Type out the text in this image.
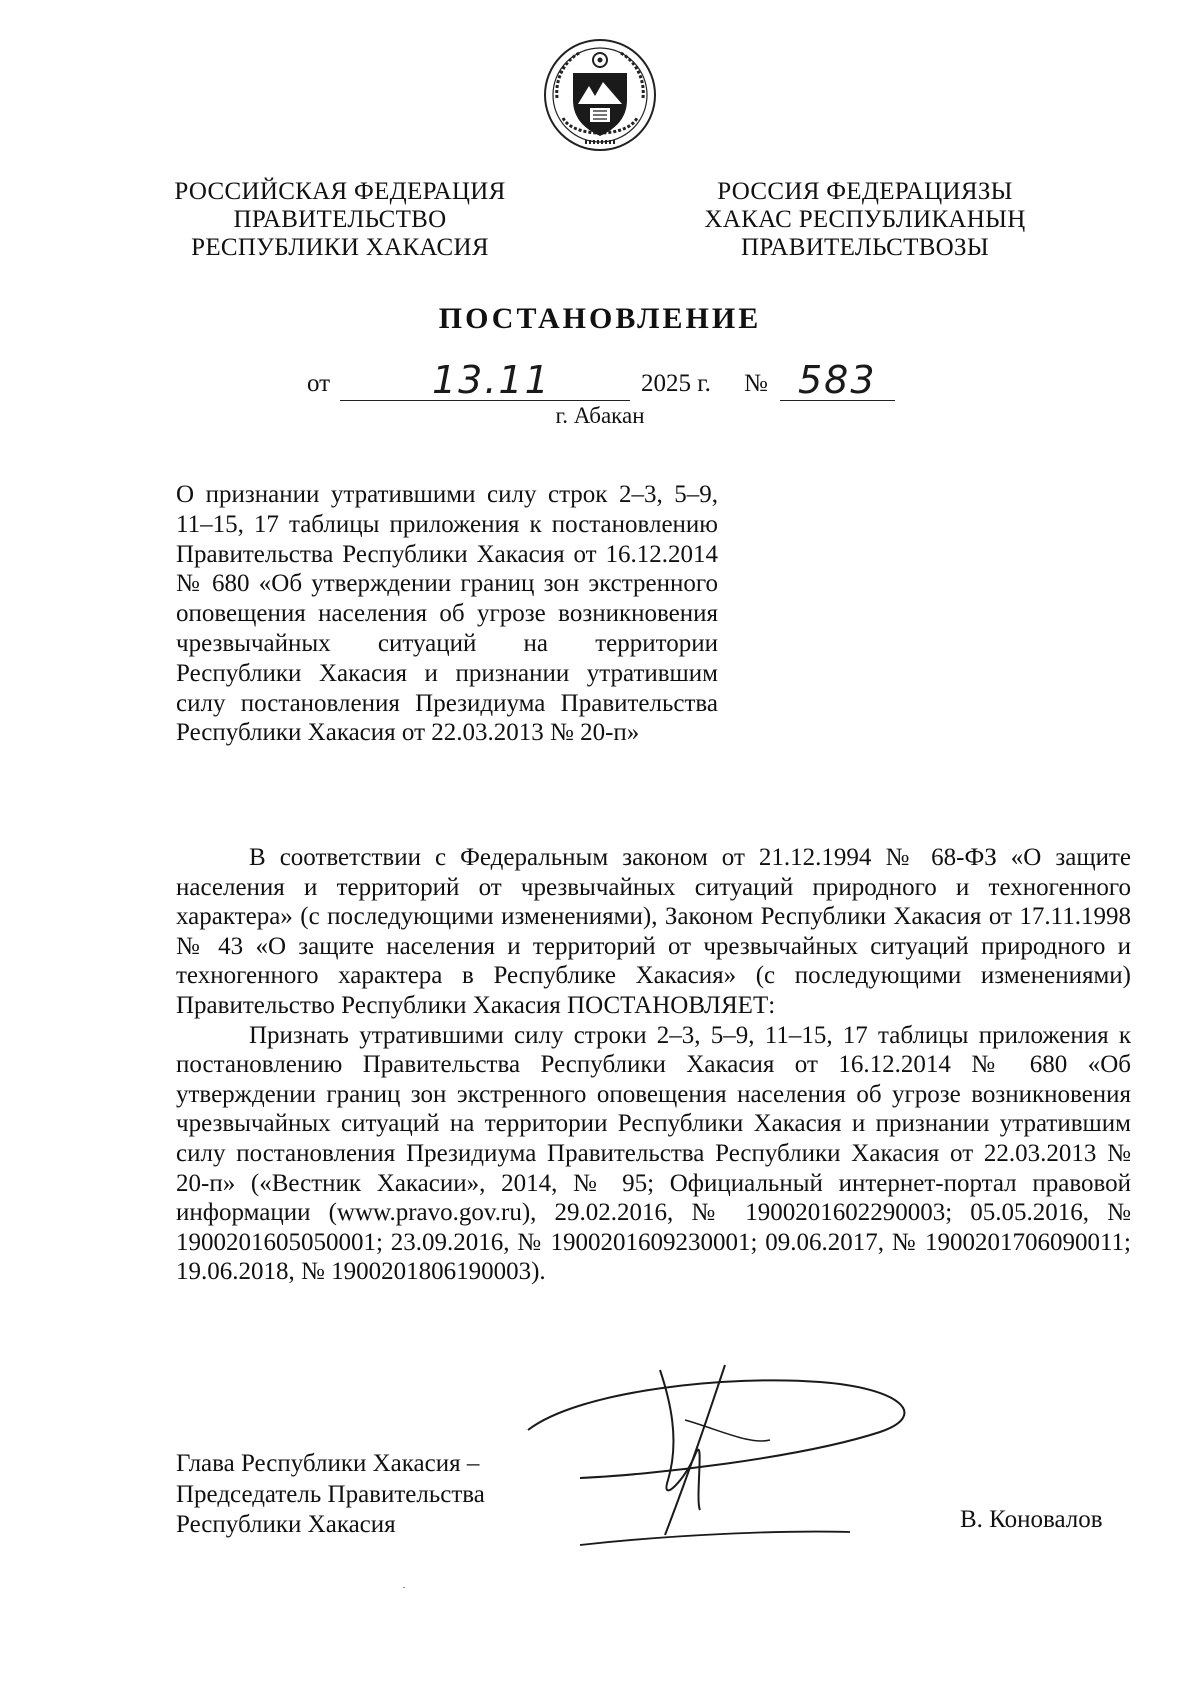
РОССИЙСКАЯ ФЕДЕРАЦИЯ
ПРАВИТЕЛЬСТВО
РЕСПУБЛИКИ ХАКАСИЯ
РОССИЯ ФЕДЕРАЦИЯЗЫ
ХАКАС РЕСПУБЛИКАНЫҢ
ПРАВИТЕЛЬСТВОЗЫ
ПОСТАНОВЛЕНИЕ
от	13.11	2025 г. № 583
г. Абакан
О признании утратившими силу строк 2–3, 5–9, 11–15, 17 таблицы приложения к постановлению Правительства Республики Хакасия от 16.12.2014 № 680 «Об утверждении границ зон экстренного оповещения населения об угрозе возникновения чрезвычайных ситуаций на территории Республики Хакасия и признании утратившим силу постановления Президиума Правительства Республики Хакасия от 22.03.2013 № 20-п»

В соответствии с Федеральным законом от 21.12.1994 № 68-ФЗ «О защите населения и территорий от чрезвычайных ситуаций природного и техногенного характера» (с последующими изменениями), Законом Республики Хакасия от 17.11.1998 № 43 «О защите населения и территорий от чрезвычайных ситуаций природного и техногенного характера в Республике Хакасия» (с последующими изменениями) Правительство Республики Хакасия ПОСТАНОВЛЯЕТ:

Признать утратившими силу строки 2–3, 5–9, 11–15, 17 таблицы приложения к постановлению Правительства Республики Хакасия от 16.12.2014 № 680 «Об утверждении границ зон экстренного оповещения населения об угрозе возникновения чрезвычайных ситуаций на территории Республики Хакасия и признании утратившим силу постановления Президиума Правительства Республики Хакасия от 22.03.2013 № 20-п» («Вестник Хакасии», 2014, № 95; Официальный интернет-портал правовой информации (www.pravo.gov.ru), 29.02.2016, № 1900201602290003; 05.05.2016, № 1900201605050001; 23.09.2016, № 1900201609230001; 09.06.2017, № 1900201706090011; 19.06.2018, № 1900201806190003).

Глава Республики Хакасия –
Председатель Правительства
Республики Хакасия	В. Коновалов
